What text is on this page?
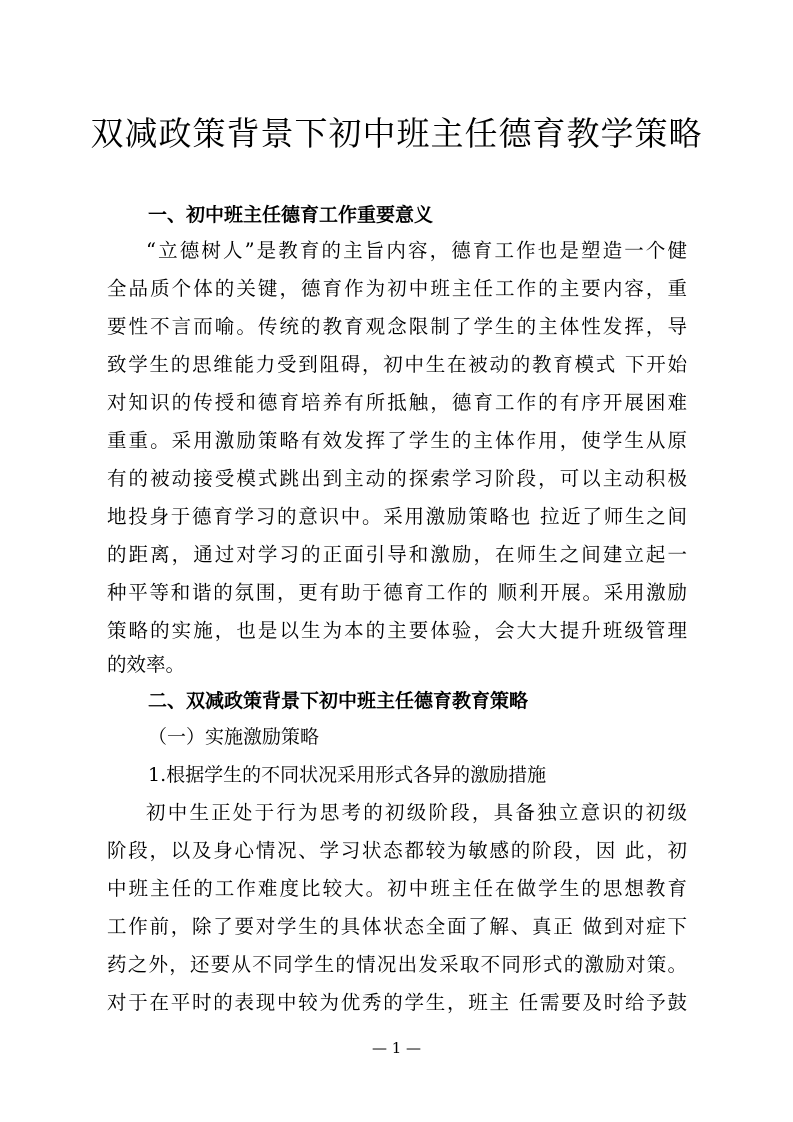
双减政策背景下初中班主任德育教学策略
一、初中班主任德育工作重要意义
“立德树人”是教育的主旨内容，德育工作也是塑造一个健
全品质个体的关键，德育作为初中班主任工作的主要内容，重
要性不言而喻。传统的教育观念限制了学生的主体性发挥，导
致学生的思维能力受到阻碍，初中生在被动的教育模式 下开始
对知识的传授和德育培养有所抵触，德育工作的有序开展困难
重重。采用激励策略有效发挥了学生的主体作用，使学生从原
有的被动接受模式跳出到主动的探索学习阶段，可以主动积极
地投身于德育学习的意识中。采用激励策略也 拉近了师生之间
的距离，通过对学习的正面引导和激励，在师生之间建立起一
种平等和谐的氛围，更有助于德育工作的 顺利开展。采用激励
策略的实施，也是以生为本的主要体验，会大大提升班级管理
的效率。
二、双减政策背景下初中班主任德育教育策略
（一）实施激励策略
1.根据学生的不同状况采用形式各异的激励措施
初中生正处于行为思考的初级阶段，具备独立意识的初级
阶段，以及身心情况、学习状态都较为敏感的阶段，因 此，初
中班主任的工作难度比较大。初中班主任在做学生的思想教育
工作前，除了要对学生的具体状态全面了解、真正 做到对症下
药之外，还要从不同学生的情况出发采取不同形式的激励对策。
对于在平时的表现中较为优秀的学生，班主 任需要及时给予鼓
— 1 —
